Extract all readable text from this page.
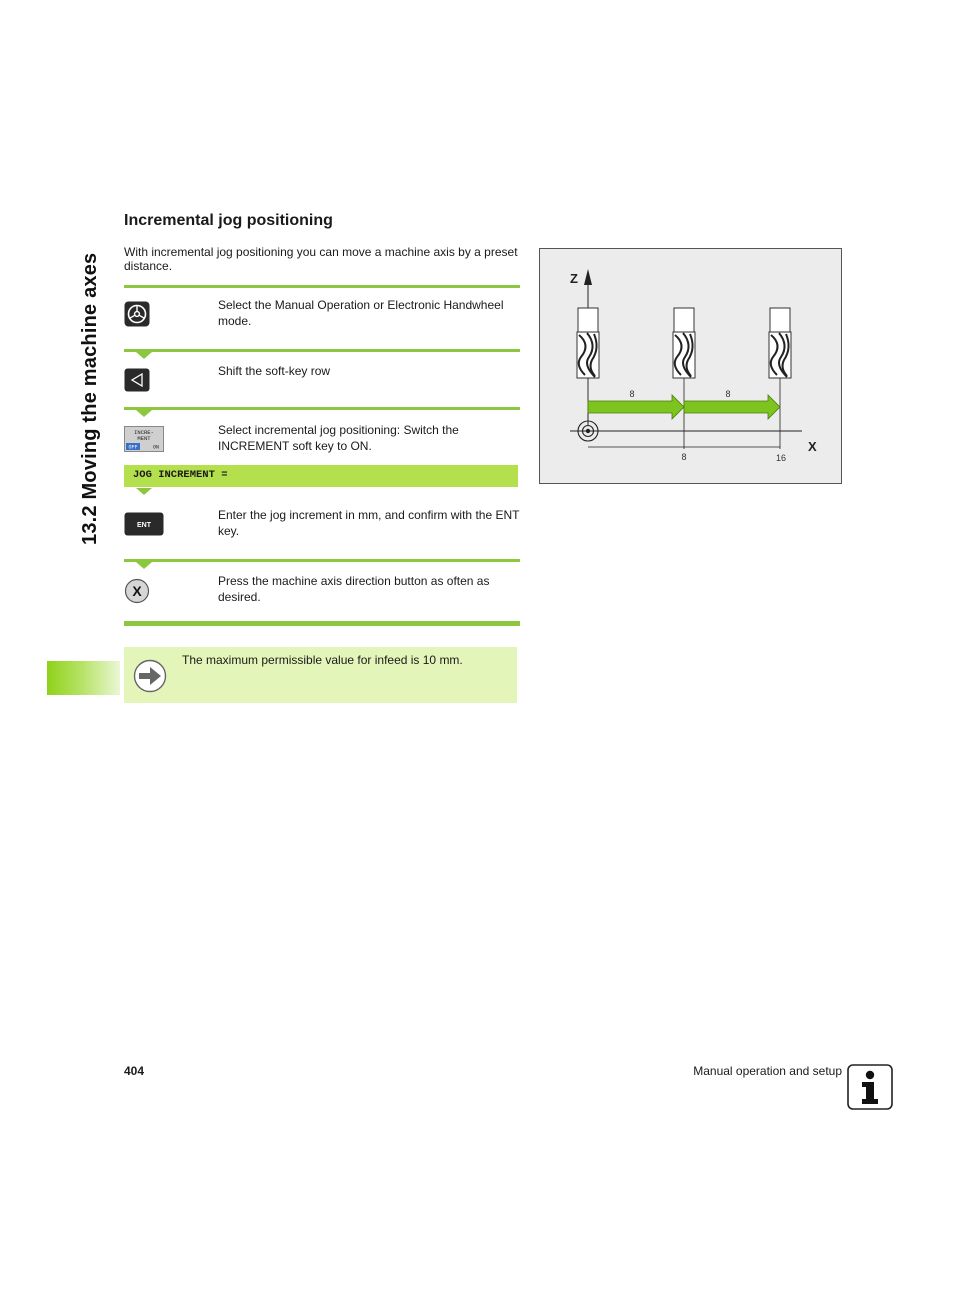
13.2 Moving the machine axes
Incremental jog positioning

With incremental jog positioning you can move a machine axis by a preset distance.

Select the Manual Operation or Electronic Handwheel mode.
Shift the soft-key row
INCRE-
MENT
OFF	ON
Select incremental jog positioning: Switch the INCREMENT soft key to ON.
JOG INCREMENT =
ENT
Enter the jog increment in mm, and confirm with the ENT key.
X
Press the machine axis direction button as often as desired.
The maximum permissible value for infeed is 10 mm.
Z
X
8	8
8	16
404	Manual operation and setup
